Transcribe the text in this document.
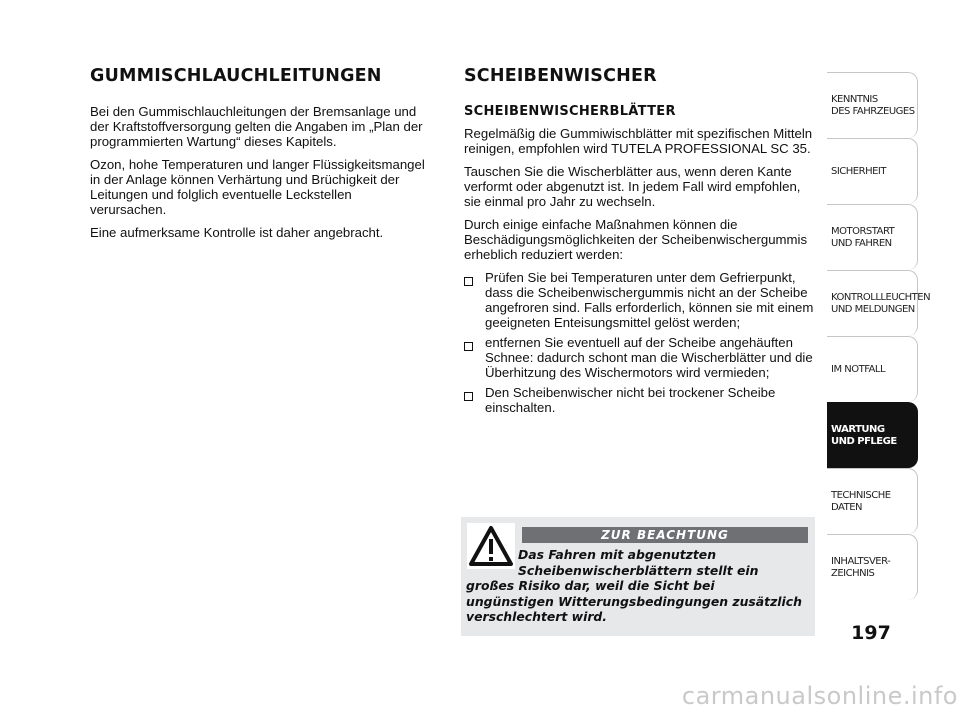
GUMMISCHLAUCHLEITUNGEN

Bei den Gummischlauchleitungen der Bremsanlage und der Kraftstoffversorgung gelten die Angaben im „Plan der programmierten Wartung“ dieses Kapitels.

Ozon, hohe Temperaturen und langer Flüssigkeitsmangel in der Anlage können Verhärtung und Brüchigkeit der Leitungen und folglich eventuelle Leckstellen verursachen.

Eine aufmerksame Kontrolle ist daher angebracht.

SCHEIBENWISCHER
SCHEIBENWISCHERBLÄTTER

Regelmäßig die Gummiwischblätter mit spezifischen Mitteln reinigen, empfohlen wird TUTELA PROFESSIONAL SC 35.

Tauschen Sie die Wischerblätter aus, wenn deren Kante verformt oder abgenutzt ist. In jedem Fall wird empfohlen, sie einmal pro Jahr zu wechseln.

Durch einige einfache Maßnahmen können die Beschädigungsmöglichkeiten der Scheibenwischergummis erheblich reduziert werden:

Prüfen Sie bei Temperaturen unter dem Gefrierpunkt, dass die Scheibenwischergummis nicht an der Scheibe angefroren sind. Falls erforderlich, können sie mit einem geeigneten Enteisungsmittel gelöst werden;
entfernen Sie eventuell auf der Scheibe angehäuften Schnee: dadurch schont man die Wischerblätter und die Überhitzung des Wischermotors wird vermieden;
Den Scheibenwischer nicht bei trockener Scheibe einschalten.
ZUR BEACHTUNG
Das Fahren mit abgenutzten Scheibenwischerblättern stellt ein großes Risiko dar, weil die Sicht bei ungünstigen Witterungsbedingungen zusätzlich verschlechtert wird.
KENNTNIS
DES FAHRZEUGES
SICHERHEIT
MOTORSTART
UND FAHREN
KONTROLLLEUCHTEN
UND MELDUNGEN
IM NOTFALL
WARTUNG
UND PFLEGE
TECHNISCHE
DATEN
INHALTSVER-
ZEICHNIS
197
carmanualsonline.info
